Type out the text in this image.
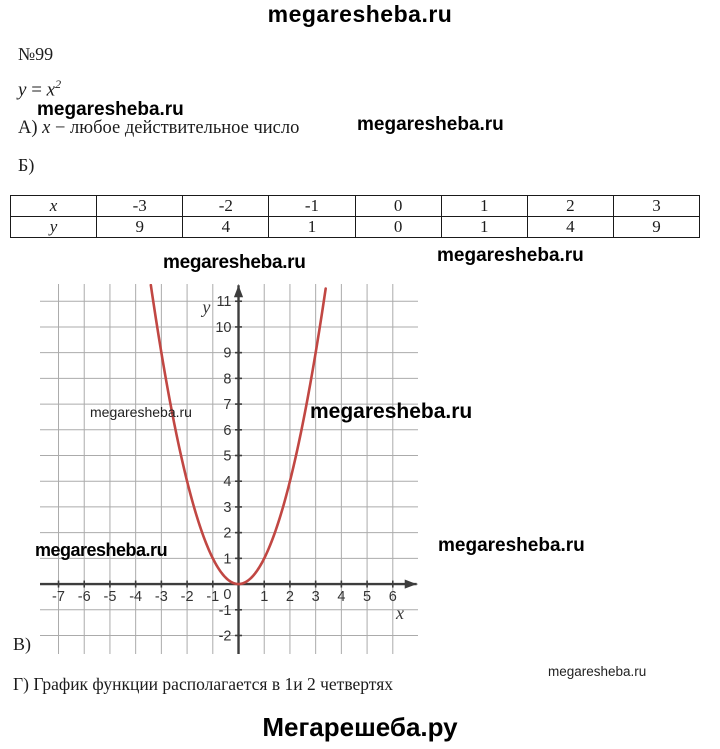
megaresheba.ru
№99
$y = x^2$
megaresheba.ru
А) x − любое действительное число	megaresheba.ru
Б)
x	-3	-2	-1	0	1	2	3
y	9	4	1	0	1	4	9
megaresheba.ru	megaresheba.ru
-7 -6 -5 -4 -3 -2 -1	1 2 3 4 5 6
-2
-1
1
2
3
4
5
6
7
8
9
10
11
0
y
x
megaresheba.ru	megaresheba.ru
megaresheba.ru	megaresheba.ru
В)
Г) График функции располагается в 1и 2 четвертях
megaresheba.ru
Мегарешеба.ру
